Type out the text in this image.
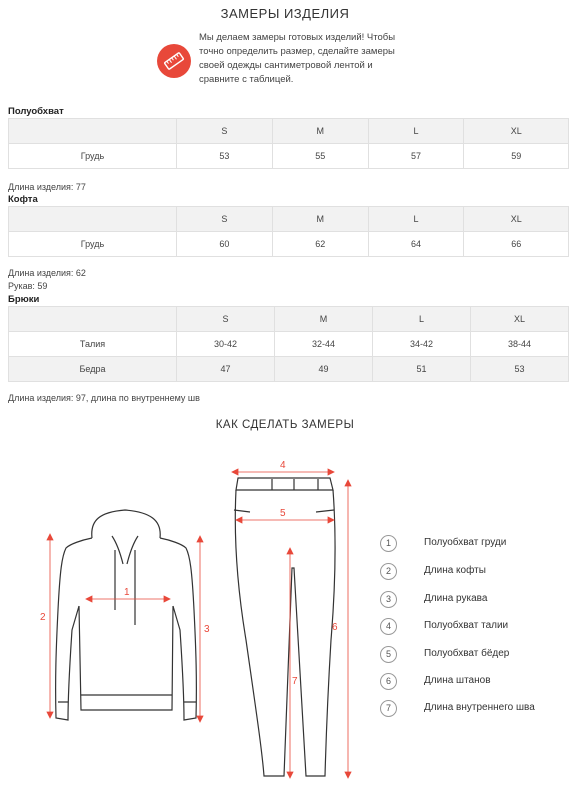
ЗАМЕРЫ ИЗДЕЛИЯ
Мы делаем замеры готовых изделий! Чтобы точно определить размер, сделайте замеры своей одежды сантиметровой лентой и сравните с таблицей.
Полуобхват
	S	M	L	XL
Грудь	53	55	57	59
Длина изделия: 77
Кофта
	S	M	L	XL
Грудь	60	62	64	66
Длина изделия: 62
Рукав: 59
Брюки
	S	M	L	XL
Талия	30-42	32-44	34-42	38-44
Бедра	47	49	51	53
Длина изделия: 97, длина по внутреннему шв
КАК СДЕЛАТЬ ЗАМЕРЫ
1
2
3
4
5
6
7
1	Полуобхват груди
2	Длина кофты
3	Длина рукава
4	Полуобхват талии
5	Полуобхват бёдер
6	Длина штанов
7	Длина внутреннего шва
